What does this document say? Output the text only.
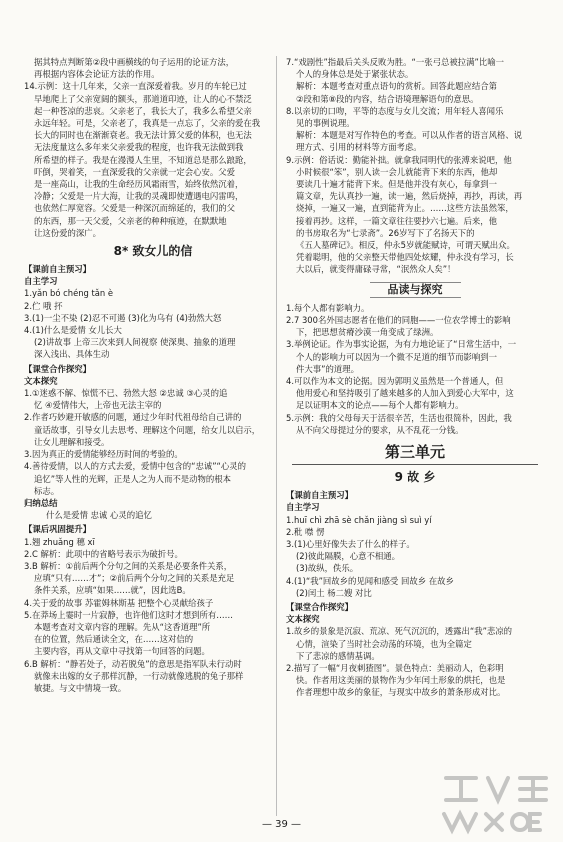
据其特点判断第②段中画横线的句子运用的论证方法，
再根据内容体会论证方法的作用。
14.示例：这十几年来，父亲一直深爱着我。岁月的车轮已过
早地爬上了父亲宽阔的额头，那道道印迹，让人的心不禁泛
起一种苍凉的悲哀。父亲老了，我长大了，我多么希望父亲
永远年轻。可是，父亲老了，我真是一点忘了，父亲的爱在我
长大的同时也在渐渐衰老。我无法计算父爱的体积，也无法
无法度量这么多年来父亲爱我的程度，也许我无法做到我
所希望的样子。我是在漫漫人生里，不知道总是那么踉跄，
吓倒，哭着笑，一直深爱我的父亲就一定会心安。父爱
是一座高山，让我的生命经历风霜雨雪，始终依然沉着，
冷静；父爱是一片大海，让我的灵魂即使遭遇电闪雷鸣，
也依然仁厚宽容。父爱是一种深沉而绵延的，我们的父
的东西，那一天父爱，父亲老的种种痕迹，在默默地
让这份爱的深广。
8* 致女儿的信
【课前自主预习】
自主学习
1.yǎn bó chéng tǎn è
2.伫 哦 抔
3.(1)一尘不染 (2)忍不可遏 (3)化为乌有 (4)勃然大怒
4.(1)什么是爱情 女儿长大
(2)讲故事 上帝三次来到人间视察 使深奥、抽象的道理
深入浅出、具体生动
【课堂合作探究】
文本探究
1.①迷惑不解、惊慌不已、勃然大怒 ②忠诚 ③心灵的追
忆 ④爱情伟大，上帝也无法主宰的
2.作者巧妙避开敏感的问题，通过少年时代祖母给自己讲的
童话故事，引导女儿去思考、理解这个问题，给女儿以启示，
让女儿理解和接受。
3.因为真正的爱情能够经历时间的考验的。
4.善待爱情，以人的方式去爱，爱情中包含的“忠诚”“心灵的
追忆”等人性的光辉，正是人之为人而不是动物的根本
标志。
归纳总结
什么是爱情 忠诚 心灵的追忆
【课后巩固提升】
1.翘 zhuǎng 穗 xī
2.C 解析：此项中的省略号表示为破折号。
3.B 解析：①前后两个分句之间的关系是必要条件关系，
应填“只有……才”；②前后两个分句之间的关系是充足
条件关系，应填“如果……就”，因此选B。
4.关于爱的故事 苏霍姆林斯基 把整个心灵献给孩子
5.在莽场上霎时一片寂静，也许他们这时才想到所有……
本题考查对文章内容的理解。先从“这香道理”所
在的位置，然后通读全文，在……这对信的
主要内容，再从文章中寻找第一句回答的问题。
6.B 解析：“静若处子，动若脱兔”的意思是指军队未行动时
就像未出嫁的女子那样沉静，一行动就像逃脱的兔子那样
敏捷。与文中情境一致。
7.“戏剧性”指最后关头反败为胜。“一张弓总被拉满”比喻一
个人的身体总是处于紧张状态。
解析：本题考查对重点语句的赏析。回答此题应结合第
②段和第⑧段的内容，结合语境理解语句的意思。
8.以亲切的口吻，平等的态度与女儿交流；用年轻人喜闻乐
见的事例说理。
解析：本题是对写作特色的考查。可以从作者的语言风格、说
理方式、引用的材料等方面考虑。
9.示例：俗话说：勤能补拙。就拿我同明代的张溥来说吧，他
小时候很“笨”，别人读一会儿就能背下来的东西，他却
要读几十遍才能背下来。但是他并没有灰心，每拿到一
篇文章，先认真抄一遍，读一遍，然后烧掉，再抄，再读，再
烧掉，一遍又一遍，直到能背为止。……这些方法虽然笨，
接着再抄。这样，一篇文章往往要抄六七遍。后来，他
的书房取名为“七录斋”。26岁写下了名扬天下的
《五人墓碑记》。相反，仲永5岁就能赋诗，可谓天赋出众。
凭着聪明，他的父亲整天带他四处炫耀，仲永没有学习，长
大以后，就变得庸碌寻常，“泯然众人矣”！
品读与探究
1.每个人都有影响力。
2.7 300名外国志愿者在他们的同胞——一位农学博士的影响
下，把思想贫瘠沙漠一角变成了绿洲。
3.举例论证。作为事实论据，为有力地论证了“日常生活中，一
个人的影响力可以因为一个微不足道的细节而影响到一
件大事”的道理。
4.可以作为本文的论据。因为郭明义虽然是一个普通人，但
他用爱心和坚持吸引了越来越多的人加入到爱心大军中，这
足以证明本文的论点——每个人都有影响力。
5.示例：我的父母每天于活很辛苦，生活也很简朴，因此，我
从不向父母提过分的要求，从不乱花一分钱。
第三单元
9 故 乡
【课前自主预习】
自主学习
1.huī chì zhā sè chǎn jiàng sì suì yí
2.秕 噤 愣
3.(1)心里好像失去了什么的样子。
(2)彼此隔膜，心意不相通。
(3)故纵，佚乐。
4.(1)“我”回故乡的见闻和感受 回故乡 在故乡
(2)闰土 杨二嫂 对比
【课堂合作探究】
文本探究
1.故乡的景象是沉寂、荒凉、死气沉沉的，透露出“我”悲凉的
心情，渲染了当时社会动荡的环境，也为全篇定
下了悲凉的感情基调。
2.描写了一幅“月夜刺猹图”。景色特点：美丽动人，色彩明
快。作者用这美丽的景物作为少年闰土形象的烘托，也是
作者理想中故乡的象征，与现实中故乡的萧条形成对比。
— 39 —
